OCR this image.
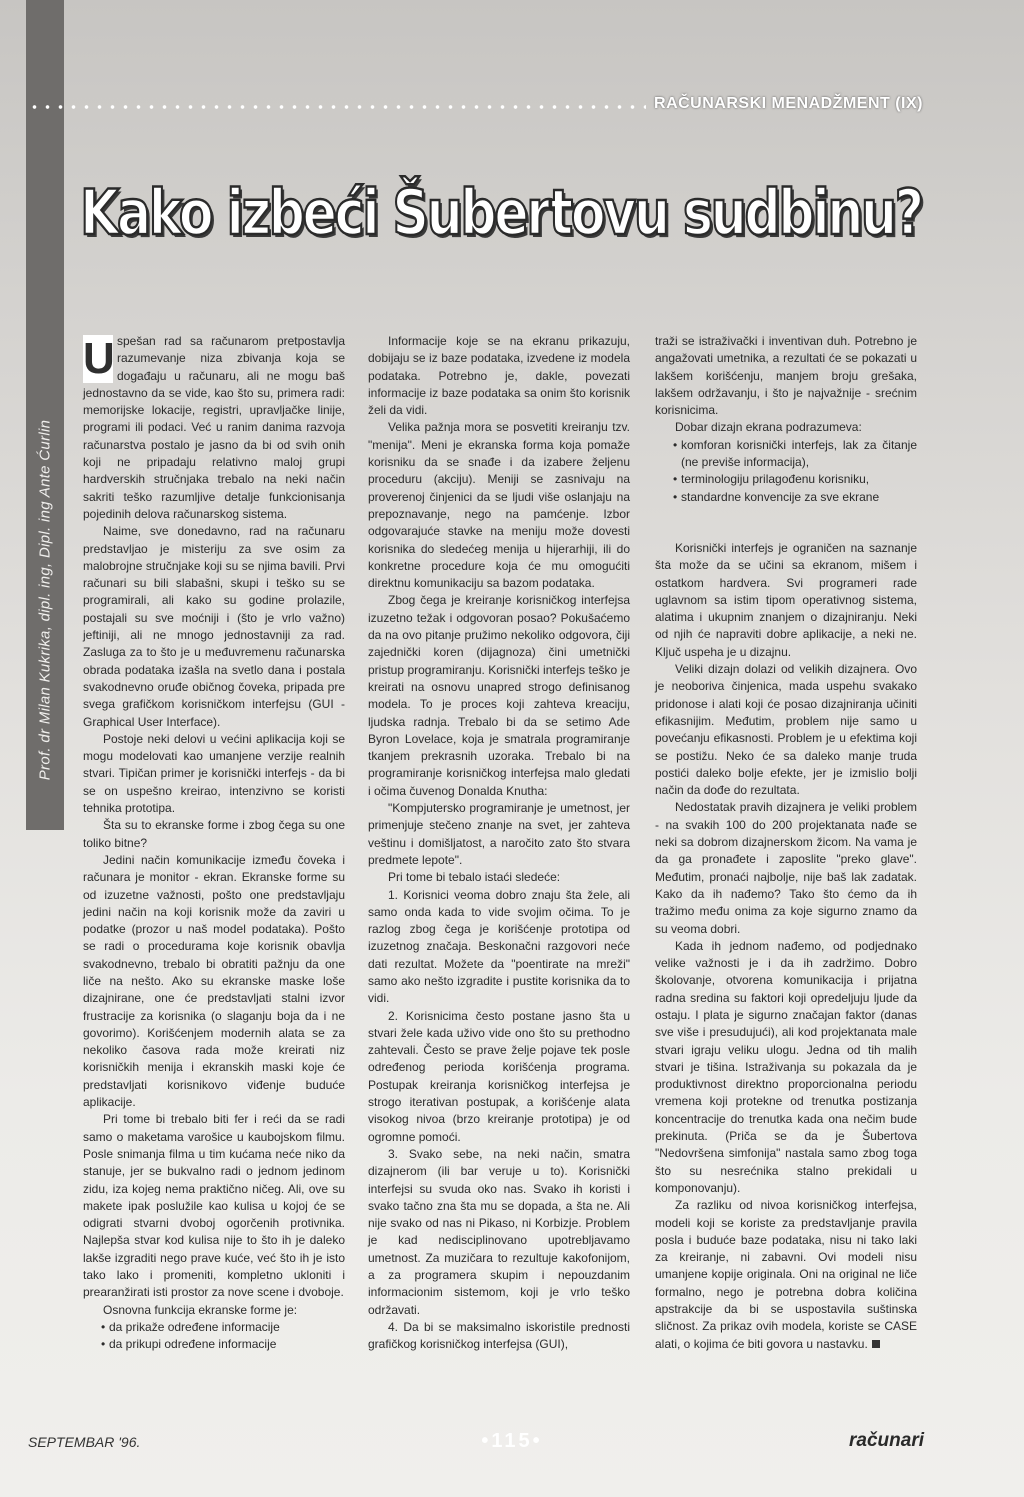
Prof. dr Milan Kukrika, dipl. ing, Dipl. ing Ante Ćurlin
RAČUNARSKI MENADŽMENT (IX)
Kako izbeći Šubertovu sudbinu?

U spešan rad sa računarom pretpostavlja razumevanje niza zbivanja koja se događaju u računaru, ali ne mogu baš jednostavno da se vide, kao što su, primera radi: memorijske lokacije, registri, upravljačke linije, programi ili podaci. Već u ranim danima razvoja računarstva postalo je jasno da bi od svih onih koji ne pripadaju relativno maloj grupi hardverskih stručnjaka trebalo na neki način sakriti teško razumljive detalje funkcionisanja pojedinih delova računarskog sistema.

Naime, sve donedavno, rad na računaru predstavljao je misteriju za sve osim za malobrojne stručnjake koji su se njima bavili. Prvi računari su bili slabašni, skupi i teško su se programirali, ali kako su godine prolazile, postajali su sve moćniji i (što je vrlo važno) jeftiniji, ali ne mnogo jednostavniji za rad. Zasluga za to što je u međuvremenu računarska obrada podataka izašla na svetlo dana i postala svakodnevno oruđe običnog čoveka, pripada pre svega grafičkom korisničkom interfejsu (GUI - Graphical User Interface).

Postoje neki delovi u većini aplikacija koji se mogu modelovati kao umanjene verzije realnih stvari. Tipičan primer je korisnički interfejs - da bi se on uspešno kreirao, intenzivno se koristi tehnika prototipa.

Šta su to ekranske forme i zbog čega su one toliko bitne?

Jedini način komunikacije između čoveka i računara je monitor - ekran. Ekranske forme su od izuzetne važnosti, pošto one predstavljaju jedini način na koji korisnik može da zaviri u podatke (prozor u naš model podataka). Pošto se radi o procedurama koje korisnik obavlja svakodnevno, trebalo bi obratiti pažnju da one liče na nešto. Ako su ekranske maske loše dizajnirane, one će predstavljati stalni izvor frustracije za korisnika (o slaganju boja da i ne govorimo). Korišćenjem modernih alata se za nekoliko časova rada može kreirati niz korisničkih menija i ekranskih maski koje će predstavljati korisnikovo viđenje buduće aplikacije.

Pri tome bi trebalo biti fer i reći da se radi samo o maketama varošice u kaubojskom filmu. Posle snimanja filma u tim kućama neće niko da stanuje, jer se bukvalno radi o jednom jedinom zidu, iza kojeg nema praktično ničeg. Ali, ove su makete ipak poslužile kao kulisa u kojoj će se odigrati stvarni dvoboj ogorčenih protivnika. Najlepša stvar kod kulisa nije to što ih je daleko lakše izgraditi nego prave kuće, već što ih je isto tako lako i promeniti, kompletno ukloniti i prearanžirati isti prostor za nove scene i dvoboje.

Osnovna funkcija ekranske forme je:

• da prikaže određene informacije

• da prikupi određene informacije

Informacije koje se na ekranu prikazuju, dobijaju se iz baze podataka, izvedene iz modela podataka. Potrebno je, dakle, povezati informacije iz baze podataka sa onim što korisnik želi da vidi.

Velika pažnja mora se posvetiti kreiranju tzv. "menija". Meni je ekranska forma koja pomaže korisniku da se snađe i da izabere željenu proceduru (akciju). Meniji se zasnivaju na proverenoj činjenici da se ljudi više oslanjaju na prepoznavanje, nego na pamćenje. Izbor odgovarajuće stavke na meniju može dovesti korisnika do sledećeg menija u hijerarhiji, ili do konkretne procedure koja će mu omogućiti direktnu komunikaciju sa bazom podataka.

Zbog čega je kreiranje korisničkog interfejsa izuzetno težak i odgovoran posao? Pokušaćemo da na ovo pitanje pružimo nekoliko odgovora, čiji zajednički koren (dijagnoza) čini umetnički pristup programiranju. Korisnički interfejs teško je kreirati na osnovu unapred strogo definisanog modela. To je proces koji zahteva kreaciju, ljudska radnja. Trebalo bi da se setimo Ade Byron Lovelace, koja je smatrala programiranje tkanjem prekrasnih uzoraka. Trebalo bi na programiranje korisničkog interfejsa malo gledati i očima čuvenog Donalda Knutha:

"Kompjutersko programiranje je umetnost, jer primenjuje stečeno znanje na svet, jer zahteva veštinu i domišljatost, a naročito zato što stvara predmete lepote".

Pri tome bi tebalo istaći sledeće:

1. Korisnici veoma dobro znaju šta žele, ali samo onda kada to vide svojim očima. To je razlog zbog čega je korišćenje prototipa od izuzetnog značaja. Beskonačni razgovori neće dati rezultat. Možete da "poentirate na mreži" samo ako nešto izgradite i pustite korisnika da to vidi.

2. Korisnicima često postane jasno šta u stvari žele kada uživo vide ono što su prethodno zahtevali. Često se prave želje pojave tek posle određenog perioda korišćenja programa. Postupak kreiranja korisničkog interfejsa je strogo iterativan postupak, a korišćenje alata visokog nivoa (brzo kreiranje prototipa) je od ogromne pomoći.

3. Svako sebe, na neki način, smatra dizajnerom (ili bar veruje u to). Korisnički interfejsi su svuda oko nas. Svako ih koristi i svako tačno zna šta mu se dopada, a šta ne. Ali nije svako od nas ni Pikaso, ni Korbizje. Problem je kad nedisciplinovano upotrebljavamo umetnost. Za muzičara to rezultuje kakofonijom, a za programera skupim i nepouzdanim informacionim sistemom, koji je vrlo teško održavati.

4. Da bi se maksimalno iskoristile prednosti grafičkog korisničkog interfejsa (GUI),

traži se istraživački i inventivan duh. Potrebno je angažovati umetnika, a rezultati će se pokazati u lakšem korišćenju, manjem broju grešaka, lakšem održavanju, i što je najvažnije - srećnim korisnicima.

Dobar dizajn ekrana podrazumeva:

• komforan korisnički interfejs, lak za čitanje (ne previše informacija),

• terminologiju prilagođenu korisniku,

• standardne konvencije za sve ekrane

Korisnički interfejs je ograničen na saznanje šta može da se učini sa ekranom, mišem i ostatkom hardvera. Svi programeri rade uglavnom sa istim tipom operativnog sistema, alatima i ukupnim znanjem o dizajniranju. Neki od njih će napraviti dobre aplikacije, a neki ne. Ključ uspeha je u dizajnu.

Veliki dizajn dolazi od velikih dizajnera. Ovo je neoboriva činjenica, mada uspehu svakako pridonose i alati koji će posao dizajniranja učiniti efikasnijim. Međutim, problem nije samo u povećanju efikasnosti. Problem je u efektima koji se postižu. Neko će sa daleko manje truda postići daleko bolje efekte, jer je izmislio bolji način da dođe do rezultata.

Nedostatak pravih dizajnera je veliki problem - na svakih 100 do 200 projektanata nađe se neki sa dobrom dizajnerskom žicom. Na vama je da ga pronađete i zaposlite "preko glave". Međutim, pronaći najbolje, nije baš lak zadatak. Kako da ih nađemo? Tako što ćemo da ih tražimo među onima za koje sigurno znamo da su veoma dobri.

Kada ih jednom nađemo, od podjednako velike važnosti je i da ih zadržimo. Dobro školovanje, otvorena komunikacija i prijatna radna sredina su faktori koji opredeljuju ljude da ostaju. I plata je sigurno značajan faktor (danas sve više i presudujući), ali kod projektanata male stvari igraju veliku ulogu. Jedna od tih malih stvari je tišina. Istraživanja su pokazala da je produktivnost direktno proporcionalna periodu vremena koji protekne od trenutka postizanja koncentracije do trenutka kada ona nečim bude prekinuta. (Priča se da je Šubertova "Nedovršena simfonija" nastala samo zbog toga što su nesrećnika stalno prekidali u komponovanju).

Za razliku od nivoa korisničkog interfejsa, modeli koji se koriste za predstavljanje pravila posla i buduće baze podataka, nisu ni tako laki za kreiranje, ni zabavni. Ovi modeli nisu umanjene kopije originala. Oni na original ne liče formalno, nego je potrebna dobra količina apstrakcije da bi se uspostavila suštinska sličnost. Za prikaz ovih modela, koriste se CASE alati, o kojima će biti govora u nastavku.

SEPTEMBAR '96.	•115•	računari
